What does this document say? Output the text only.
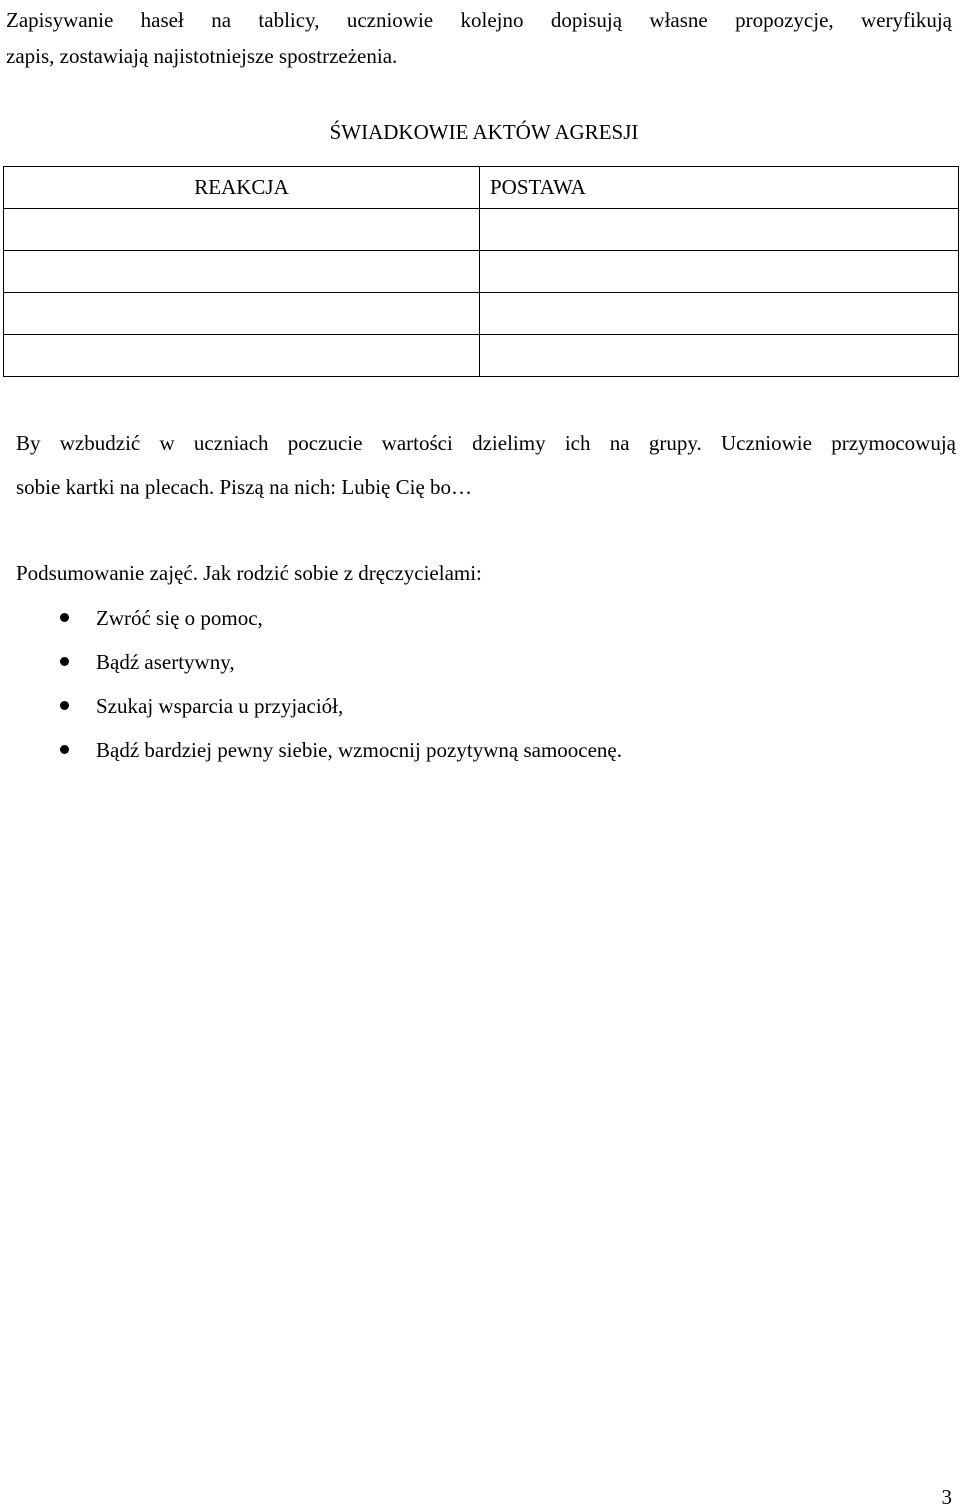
Zapisywanie haseł na tablicy, uczniowie kolejno dopisują własne propozycje, weryfikują
zapis, zostawiają najistotniejsze spostrzeżenia.
ŚWIADKOWIE AKTÓW AGRESJI
REAKCJA	POSTAWA

By wzbudzić w uczniach poczucie wartości dzielimy ich na grupy. Uczniowie przymocowują
sobie kartki na plecach. Piszą na nich: Lubię Cię bo…
Podsumowanie zajęć. Jak rodzić sobie z dręczycielami:
Zwróć się o pomoc,
Bądź asertywny,
Szukaj wsparcia u przyjaciół,
Bądź bardziej pewny siebie, wzmocnij pozytywną samoocenę.
3
